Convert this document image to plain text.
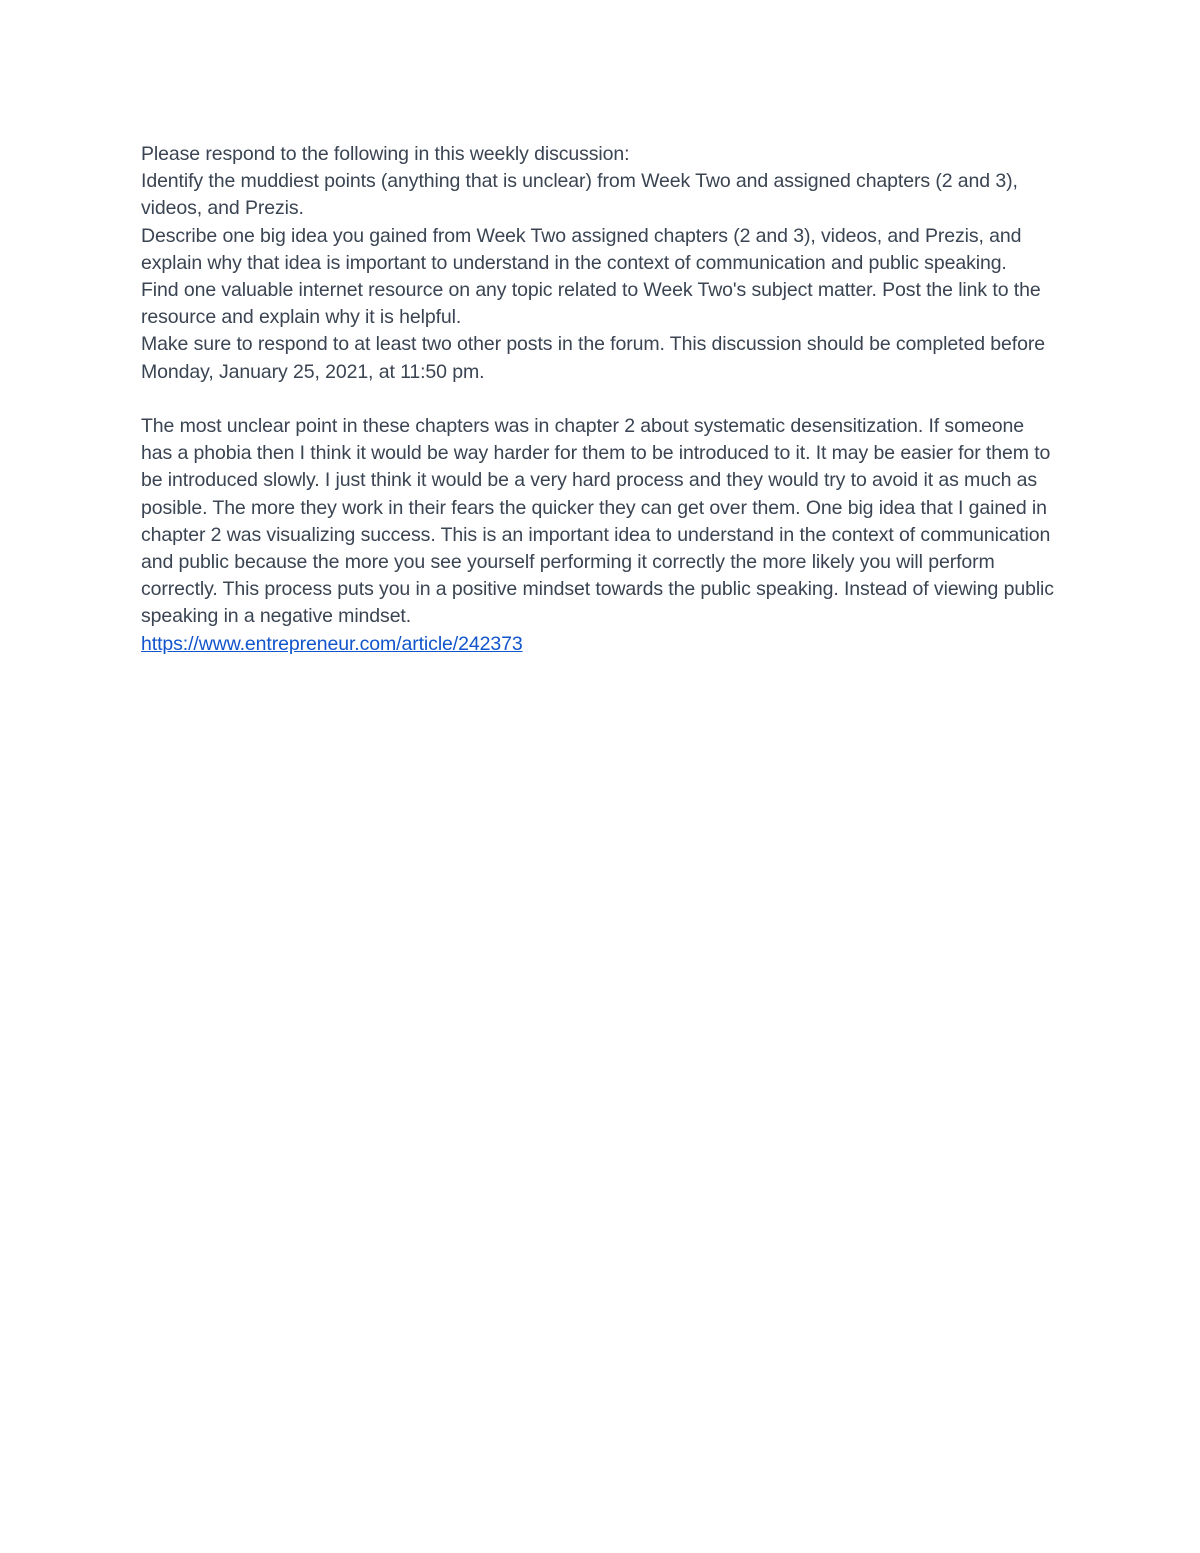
Please respond to the following in this weekly discussion:

Identify the muddiest points (anything that is unclear) from Week Two and assigned chapters (2 and 3), videos, and Prezis.

Describe one big idea you gained from Week Two assigned chapters (2 and 3), videos, and Prezis, and explain why that idea is important to understand in the context of communication and public speaking.

Find one valuable internet resource on any topic related to Week Two's subject matter. Post the link to the resource and explain why it is helpful.

Make sure to respond to at least two other posts in the forum. This discussion should be completed before Monday, January 25, 2021, at 11:50 pm.

The most unclear point in these chapters was in chapter 2 about systematic desensitization. If someone has a phobia then I think it would be way harder for them to be introduced to it. It may be easier for them to be introduced slowly. I just think it would be a very hard process and they would try to avoid it as much as posible. The more they work in their fears the quicker they can get over them. One big idea that I gained in chapter 2 was visualizing success. This is an important idea to understand in the context of communication and public because the more you see yourself performing it correctly the more likely you will perform correctly. This process puts you in a positive mindset towards the public speaking. Instead of viewing public speaking in a negative mindset.

https://www.entrepreneur.com/article/242373
